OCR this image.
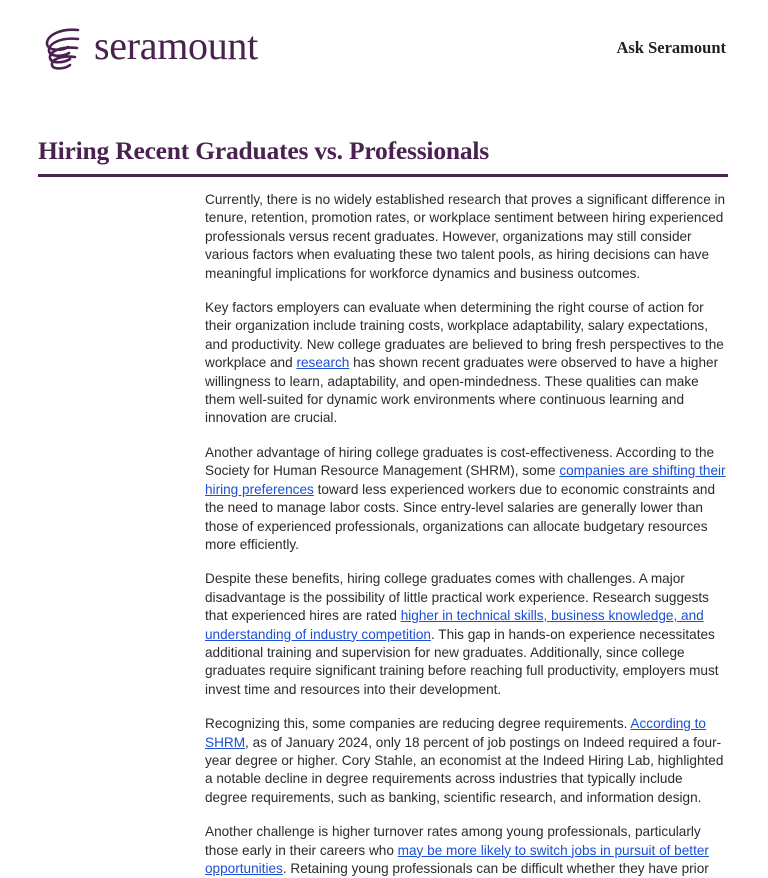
seramount	Ask Seramount
Hiring Recent Graduates vs. Professionals

Currently, there is no widely established research that proves a significant difference in tenure, retention, promotion rates, or workplace sentiment between hiring experienced professionals versus recent graduates. However, organizations may still consider various factors when evaluating these two talent pools, as hiring decisions can have meaningful implications for workforce dynamics and business outcomes.

Key factors employers can evaluate when determining the right course of action for their organization include training costs, workplace adaptability, salary expectations, and productivity. New college graduates are believed to bring fresh perspectives to the workplace and research has shown recent graduates were observed to have a higher willingness to learn, adaptability, and open-mindedness. These qualities can make them well-suited for dynamic work environments where continuous learning and innovation are crucial.

Another advantage of hiring college graduates is cost-effectiveness. According to the Society for Human Resource Management (SHRM), some companies are shifting their hiring preferences toward less experienced workers due to economic constraints and the need to manage labor costs. Since entry-level salaries are generally lower than those of experienced professionals, organizations can allocate budgetary resources more efficiently.

Despite these benefits, hiring college graduates comes with challenges. A major disadvantage is the possibility of little practical work experience. Research suggests that experienced hires are rated higher in technical skills, business knowledge, and understanding of industry competition. This gap in hands-on experience necessitates additional training and supervision for new graduates. Additionally, since college graduates require significant training before reaching full productivity, employers must invest time and resources into their development.

Recognizing this, some companies are reducing degree requirements. According to SHRM, as of January 2024, only 18 percent of job postings on Indeed required a four-year degree or higher. Cory Stahle, an economist at the Indeed Hiring Lab, highlighted a notable decline in degree requirements across industries that typically include degree requirements, such as banking, scientific research, and information design.

Another challenge is higher turnover rates among young professionals, particularly those early in their careers who may be more likely to switch jobs in pursuit of better opportunities. Retaining young professionals can be difficult whether they have prior
